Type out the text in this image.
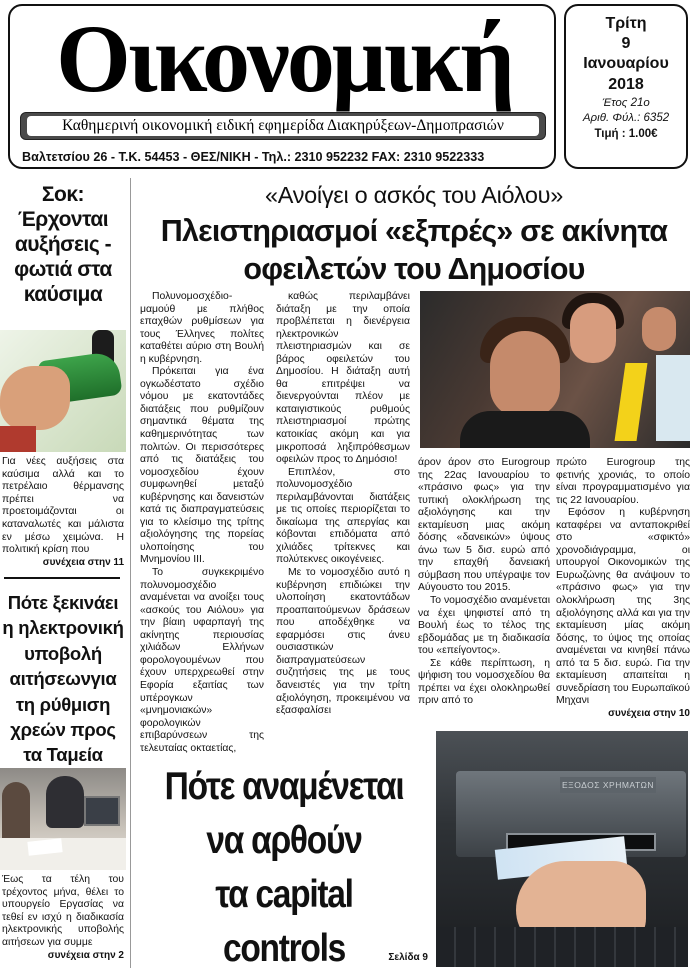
Οικονομική
Καθημερινή οικονομική ειδική εφημερίδα Διακηρύξεων-Δημοπρασιών
Βαλτετσίου 26 - Τ.Κ. 54453 - ΘΕΣ/ΝΙΚΗ - Τηλ.: 2310 952232 FAX: 2310 9522333
Τρίτη
9
Ιανουαρίου
2018
Έτος 21ο
Αριθ. Φύλ.: 6352
Τιμή : 1.00€
Σοκ: Έρχονται αυξήσεις - φωτιά στα καύσιμα
Για νέες αυξήσεις στα καύσιμα αλλά και το πετρέλαιο θέρμανσης πρέπει να προετοιμάζονται οι καταναλωτές και μάλιστα εν μέσω χειμώνα. Η πολιτική κρίση που
συνέχεια στην 11
Πότε ξεκινάει η ηλεκτρονική υποβολή αιτήσεωνγια τη ρύθμιση χρεών προς τα Ταμεία
Έως τα τέλη του τρέχοντος μήνα, θέλει το υπουργείο Εργασίας να τεθεί εν ισχύ η διαδικασία ηλεκτρονικής υποβολής αιτήσεων για συμμε
συνέχεια στην 2
«Ανοίγει ο ασκός του Αιόλου»
Πλειστηριασμοί «εξπρές» σε ακίνητα οφειλετών του Δημοσίου

Πολυνομοσχέδιο-μαμούθ με πλήθος επαχθών ρυθμίσεων για τους Έλληνες πολίτες καταθέτει αύριο στη Βουλή η κυβέρνηση.

Πρόκειται για ένα ογκωδέστατο σχέδιο νόμου με εκατοντάδες διατάξεις που ρυθμίζουν σημαντικά θέματα της καθημερινότητας των πολιτών. Οι περισσότερες από τις διατάξεις του νομοσχεδίου έχουν συμφωνηθεί μεταξύ κυβέρνησης και δανειστών κατά τις διαπραγματεύσεις για το κλείσιμο της τρίτης αξιολόγησης της πορείας υλοποίησης του Μνημονίου ΙΙΙ.

Το συγκεκριμένο πολυνομοσχέδιο αναμένεται να ανοίξει τους «ασκούς του Αιόλου» για την βίαιη υφαρπαγή της ακίνητης περιουσίας χιλιάδων Ελλήνων φορολογουμένων που έχουν υπερχρεωθεί στην Εφορία εξαιτίας των υπέρογκων «μνημονιακών» φορολογικών επιβαρύνσεων της τελευταίας οκταετίας,

καθώς περιλαμβάνει διάταξη με την οποία προβλέπεται η διενέργεια ηλεκτρονικών πλειστηριασμών και σε βάρος οφειλετών του Δημοσίου. Η διάταξη αυτή θα επιτρέψει να διενεργούνται πλέον με καταιγιστικούς ρυθμούς πλειστηριασμοί πρώτης κατοικίας ακόμη και για μικροποσά ληξιπρόθεσμων οφειλών προς το Δημόσιο!

Επιπλέον, στο πολυνομοσχέδιο περιλαμβάνονται διατάξεις με τις οποίες περιορίζεται το δικαίωμα της απεργίας και κόβονται επιδόματα από χιλιάδες τρίτεκνες και πολύτεκνες οικογένειες.

Με το νομοσχέδιο αυτό η κυβέρνηση επιδιώκει την υλοποίηση εκατοντάδων προαπαιτούμενων δράσεων που αποδέχθηκε να εφαρμόσει στις άνευ ουσιαστικών διαπραγματεύσεων συζητήσεις της με τους δανειστές για την τρίτη αξιολόγηση, προκειμένου να εξασφαλίσει

άρον άρον στο Eurogroup της 22ας Ιανουαρίου το «πράσινο φως» για την τυπική ολοκλήρωση της αξιολόγησης και την εκταμίευση μιας ακόμη δόσης «δανεικών» ύψους άνω των 5 δισ. ευρώ από την επαχθή δανειακή σύμβαση που υπέγραψε τον Αύγουστο του 2015.

Το νομοσχέδιο αναμένεται να έχει ψηφιστεί από τη Βουλή έως το τέλος της εβδομάδας με τη διαδικασία του «επείγοντος».

Σε κάθε περίπτωση, η ψήφιση του νομοσχεδίου θα πρέπει να έχει ολοκληρωθεί πριν από το

πρώτο Eurogroup της φετινής χρονιάς, το οποίο είναι προγραμματισμένο για τις 22 Ιανουαρίου.

Εφόσον η κυβέρνηση καταφέρει να ανταποκριθεί στο «σφικτό» χρονοδιάγραμμα, οι υπουργοί Οικονομικών της Ευρωζώνης θα ανάψουν το «πράσινο φως» για την ολοκλήρωση της 3ης αξιολόγησης αλλά και για την εκταμίευση μίας ακόμη δόσης, το ύψος της οποίας αναμένεται να κινηθεί πάνω από τα 5 δισ. ευρώ. Για την εκταμίευση απαιτείται η συνεδρίαση του Ευρωπαϊκού Μηχανι

συνέχεια στην 10
Πότε αναμένεται
να αρθούν
τα capital controls	Σελίδα 9
ΕΞΟΔΟΣ ΧΡΗΜΑΤΩΝ
